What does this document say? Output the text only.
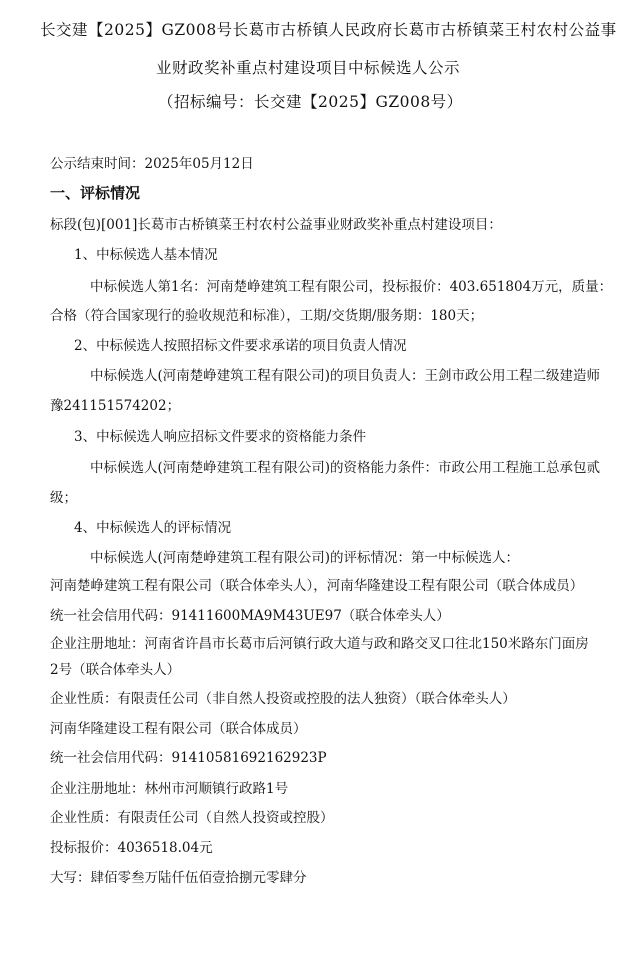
长交建【2025】GZ008号长葛市古桥镇人民政府长葛市古桥镇菜王村农村公益事
业财政奖补重点村建设项目中标候选人公示
（招标编号：长交建【2025】GZ008号）
公示结束时间：2025年05月12日
一、评标情况
标段(包)[001]长葛市古桥镇菜王村农村公益事业财政奖补重点村建设项目：
1、中标候选人基本情况
中标候选人第1名：河南楚峥建筑工程有限公司，投标报价：403.651804万元，质量：
合格（符合国家现行的验收规范和标准），工期/交货期/服务期：180天；
2、中标候选人按照招标文件要求承诺的项目负责人情况
中标候选人(河南楚峥建筑工程有限公司)的项目负责人：王剑市政公用工程二级建造师
豫241151574202；
3、中标候选人响应招标文件要求的资格能力条件
中标候选人(河南楚峥建筑工程有限公司)的资格能力条件：市政公用工程施工总承包贰
级；
4、中标候选人的评标情况
中标候选人(河南楚峥建筑工程有限公司)的评标情况：第一中标候选人：
河南楚峥建筑工程有限公司（联合体牵头人），河南华隆建设工程有限公司（联合体成员）
统一社会信用代码：91411600MA9M43UE97（联合体牵头人）
企业注册地址：河南省许昌市长葛市后河镇行政大道与政和路交叉口往北150米路东门面房
2号（联合体牵头人）
企业性质：有限责任公司（非自然人投资或控股的法人独资）（联合体牵头人）
河南华隆建设工程有限公司（联合体成员）
统一社会信用代码：91410581692162923P
企业注册地址：林州市河顺镇行政路1号
企业性质：有限责任公司（自然人投资或控股）
投标报价：4036518.04元
大写：肆佰零叁万陆仟伍佰壹拾捌元零肆分
